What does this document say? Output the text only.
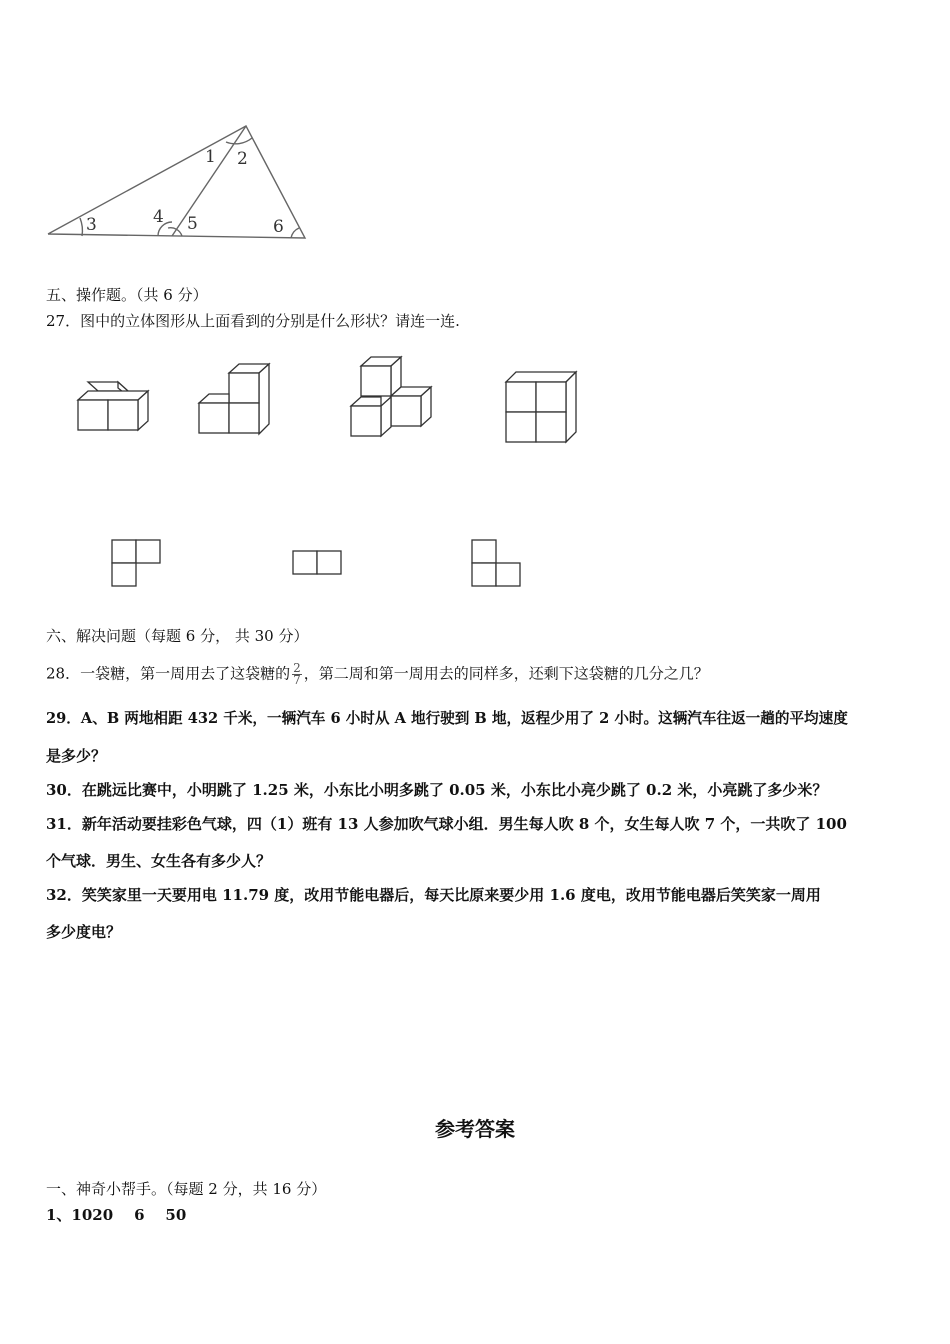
1 2
3	4 5	6
五、操作题。（共 6 分）
27．图中的立体图形从上面看到的分别是什么形状？请连一连.
六、解决问题（每题 6 分， 共 30 分）
28．一袋糖，第一周用去了这袋糖的 $\frac{2}{7}$ ，第二周和第一周用去的同样多，还剩下这袋糖的几分之几？
29．A、B 两地相距 432 千米，一辆汽车 6 小时从 A 地行驶到 B 地，返程少用了 2 小时。这辆汽车往返一趟的平均速度
是多少？
30．在跳远比赛中，小明跳了 1.25 米，小东比小明多跳了 0.05 米，小东比小亮少跳了 0.2 米，小亮跳了多少米？
31．新年活动要挂彩色气球，四（1）班有 13 人参加吹气球小组．男生每人吹 8 个，女生每人吹 7 个，一共吹了 100
个气球．男生、女生各有多少人？
32．笑笑家里一天要用电 11.79 度，改用节能电器后，每天比原来要少用 1.6 度电，改用节能电器后笑笑家一周用
多少度电？
参考答案
一、神奇小帮手。（每题 2 分，共 16 分）
1、1020    6    50
